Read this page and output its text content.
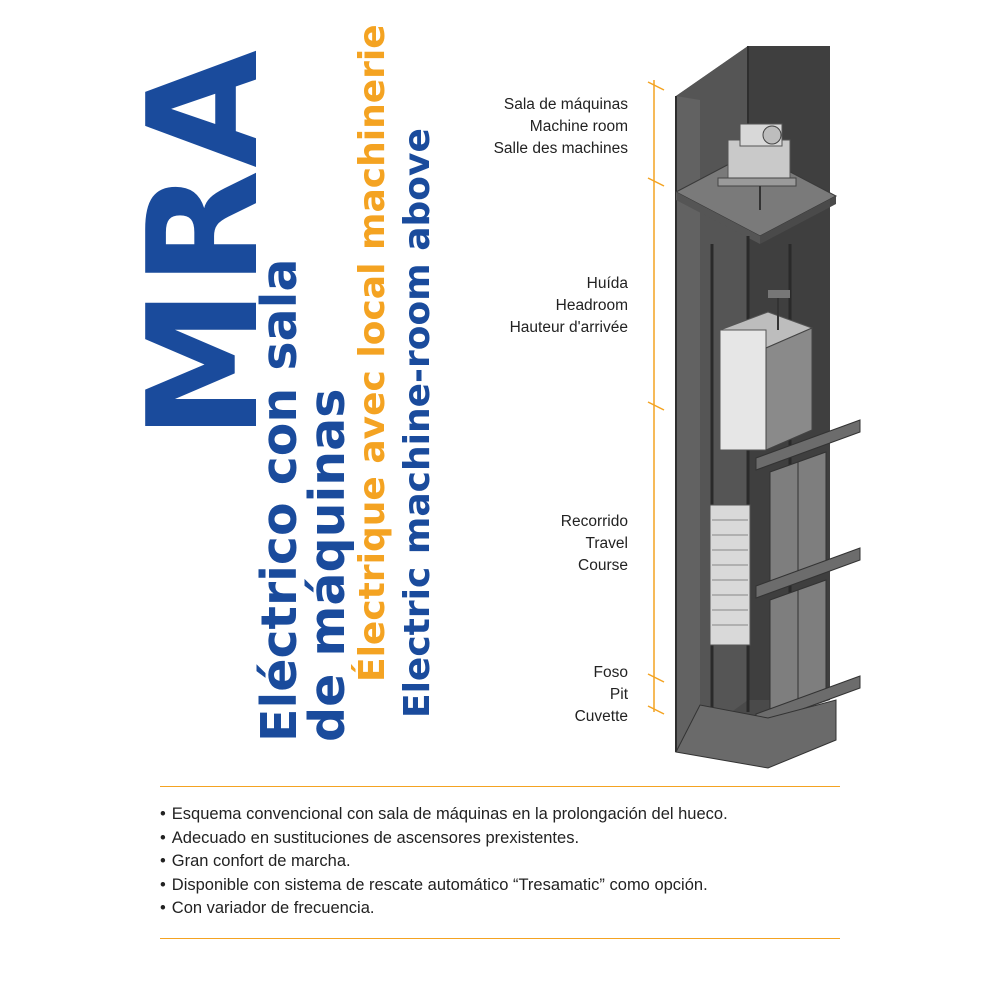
MRA
Eléctrico con sala
de máquinas
Électrique avec local machinerie Electric machine-room above
Sala de máquinas
Machine room
Salle des machines
Huída
Headroom
Hauteur d'arrivée
Recorrido
Travel
Course
Foso
Pit
Cuvette
• Esquema convencional con sala de máquinas en la prolongación del hueco.
• Adecuado en sustituciones de ascensores prexistentes.
• Gran confort de marcha.
• Disponible con sistema de rescate automático “Tresamatic” como opción.
• Con variador de frecuencia.
